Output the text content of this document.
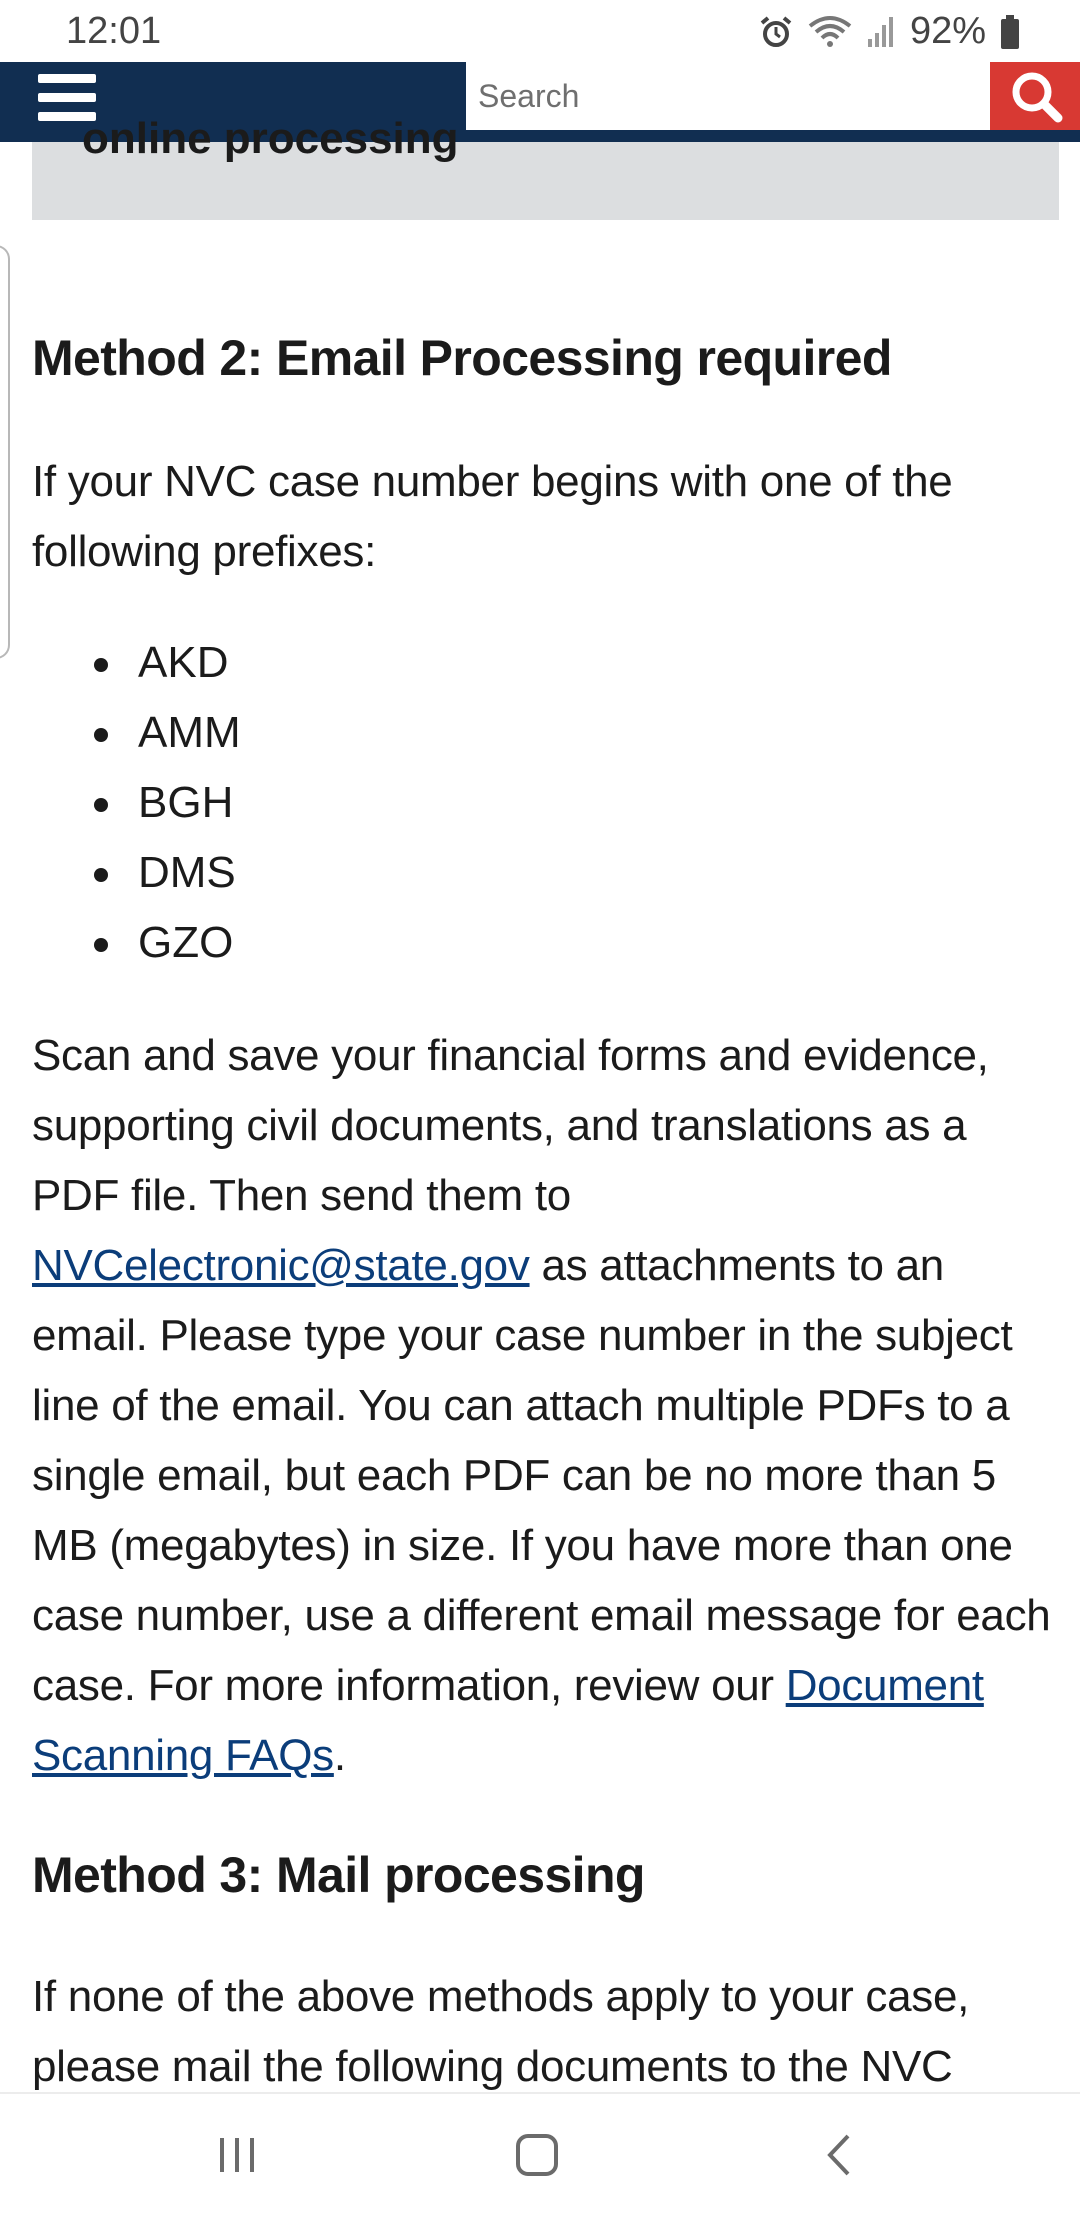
12:01	92%
Search
online processing
Method 2: Email Processing required

If your NVC case number begins with one of the following prefixes:

AKD
AMM
BGH
DMS
GZO

Scan and save your financial forms and evidence, supporting civil documents, and translations as a PDF file. Then send them to NVCelectronic@state.gov as attachments to an email. Please type your case number in the subject line of the email. You can attach multiple PDFs to a single email, but each PDF can be no more than 5 MB (megabytes) in size. If you have more than one case number, use a different email message for each case. For more information, review our Document Scanning FAQs.

Method 3: Mail processing

If none of the above methods apply to your case, please mail the following documents to the NVC
